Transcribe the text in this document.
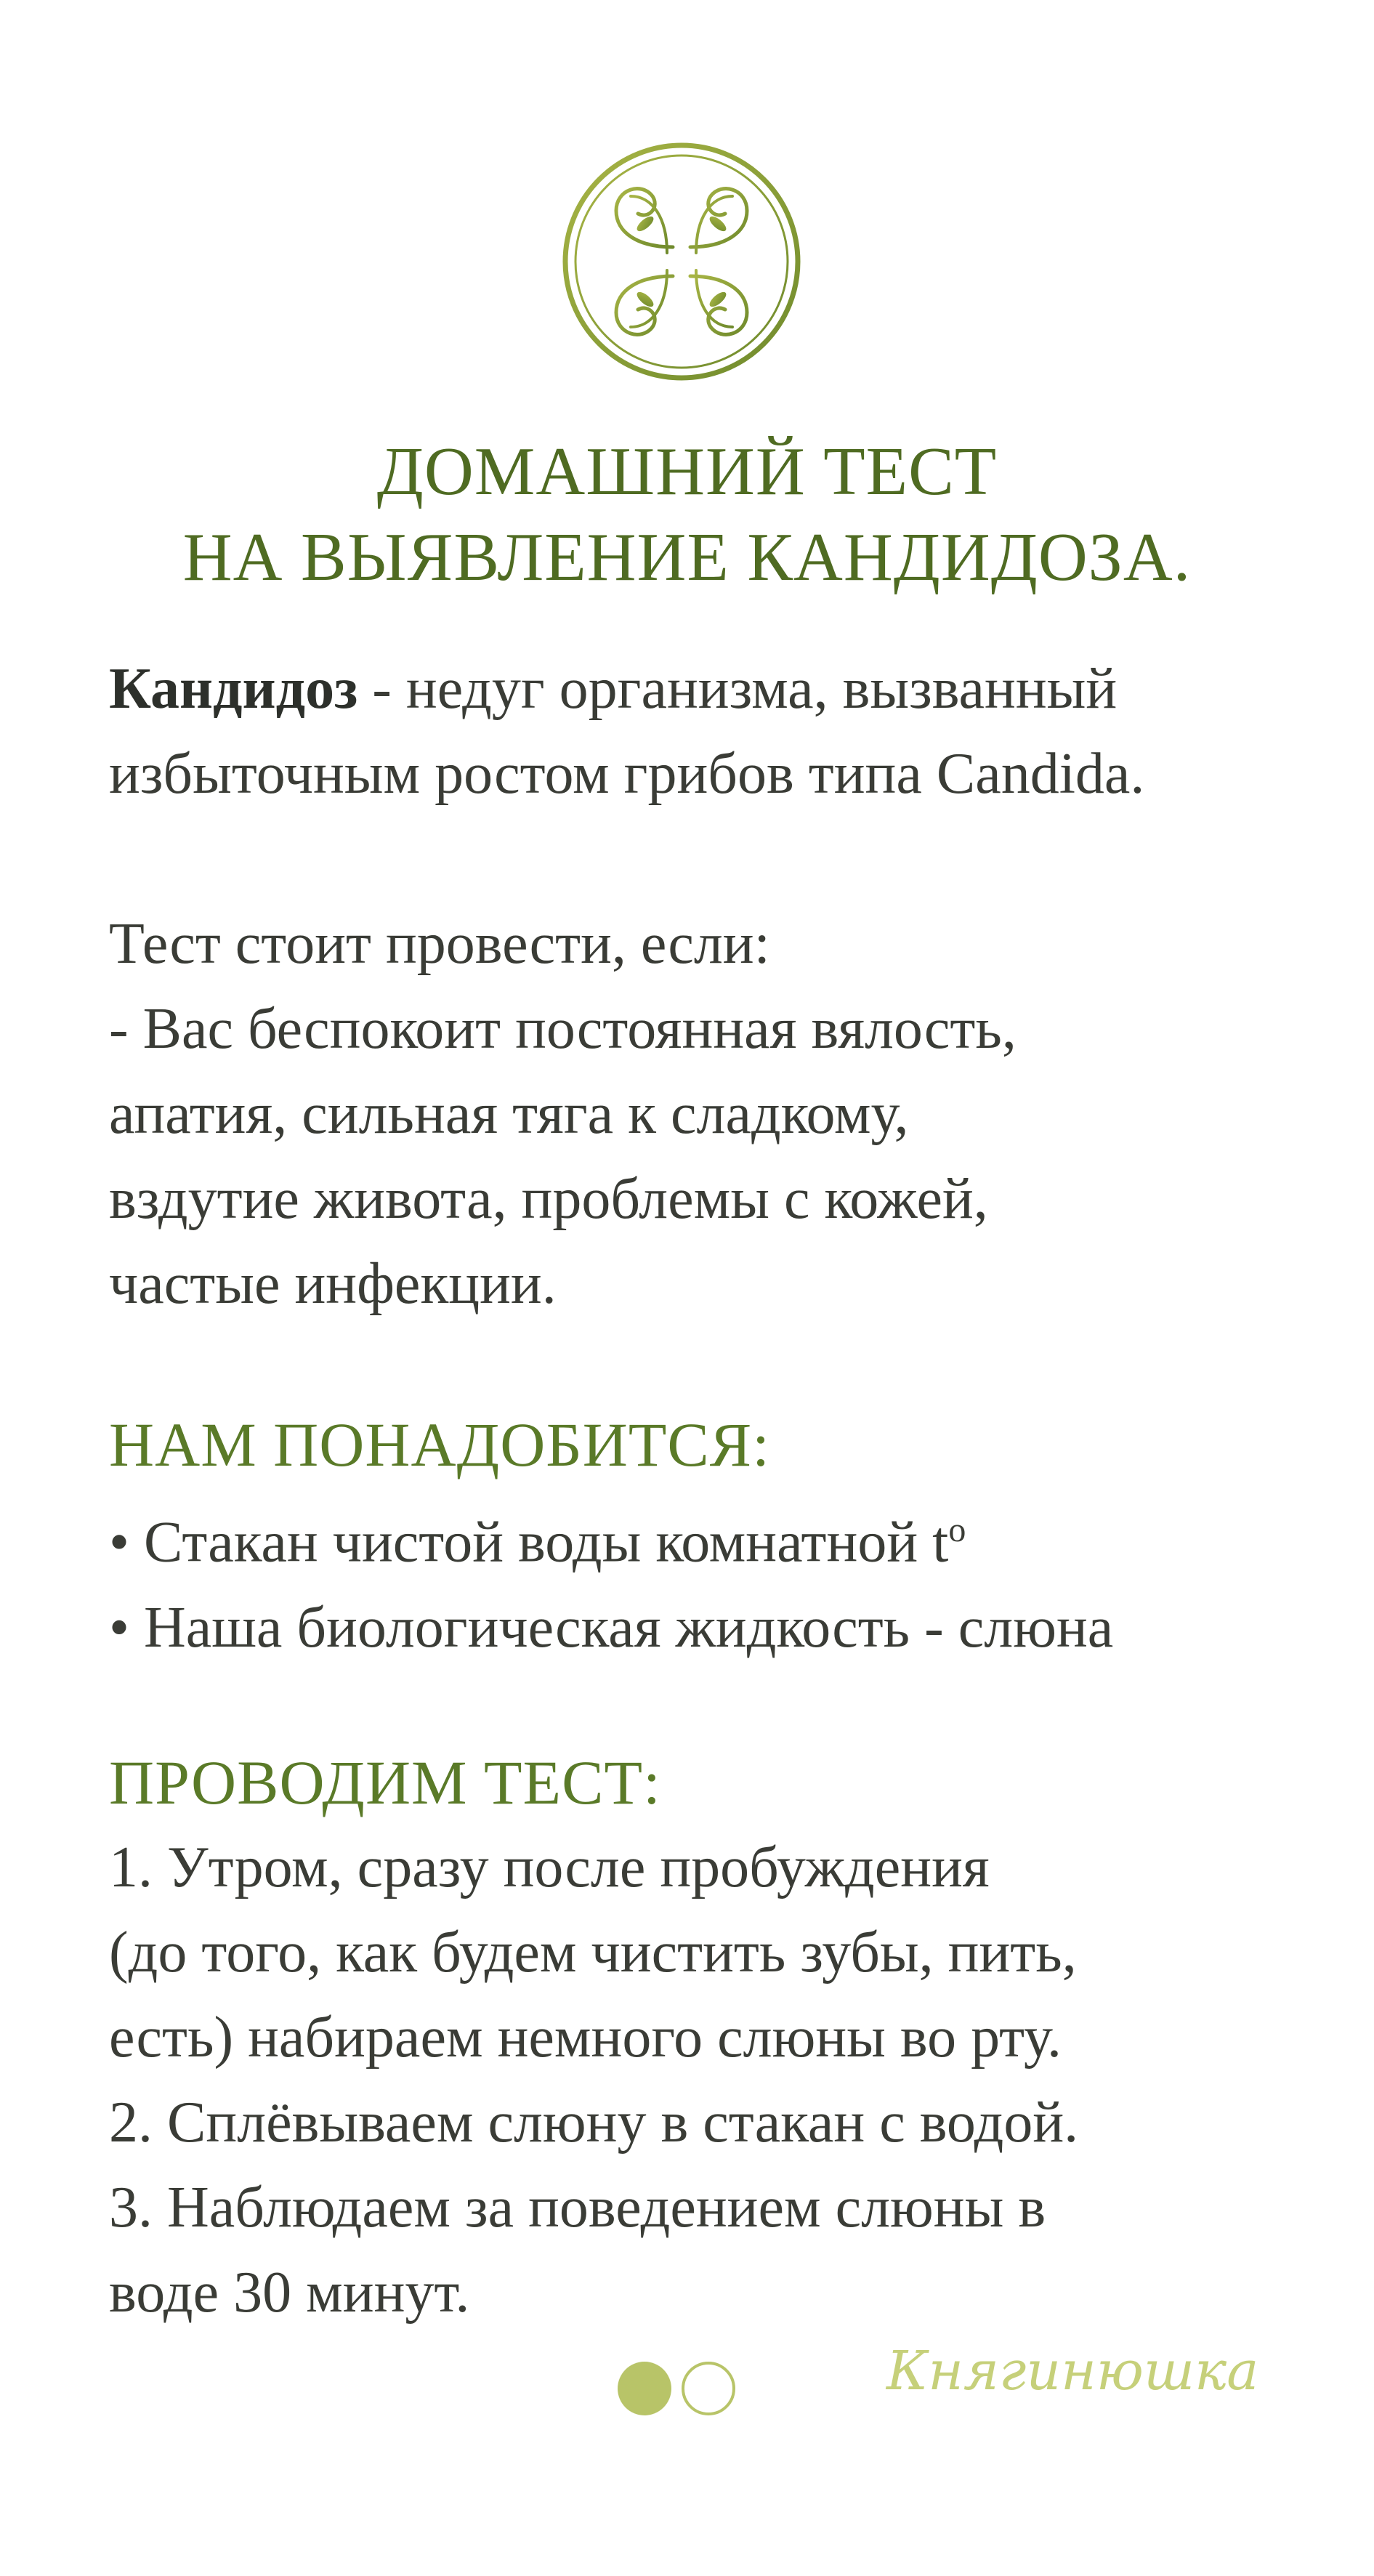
ДОМАШНИЙ ТЕСТ
НА ВЫЯВЛЕНИЕ КАНДИДОЗА.
Кандидоз - недуг организма, вызванный
избыточным ростом грибов типа Candida.
Тест стоит провести, если:
- Вас беспокоит постоянная вялость,
апатия, сильная тяга к сладкому,
вздутие живота, проблемы с кожей,
частые инфекции.
НАМ ПОНАДОБИТСЯ:
• Стакан чистой воды комнатной $t^о$
• Наша биологическая жидкость - слюна
ПРОВОДИМ ТЕСТ:
1. Утром, сразу после пробуждения
(до того, как будем чистить зубы, пить,
есть) набираем немного слюны во рту.
2. Сплёвываем слюну в стакан с водой.
3. Наблюдаем за поведением слюны в
воде 30 минут.
Княгинюшка
